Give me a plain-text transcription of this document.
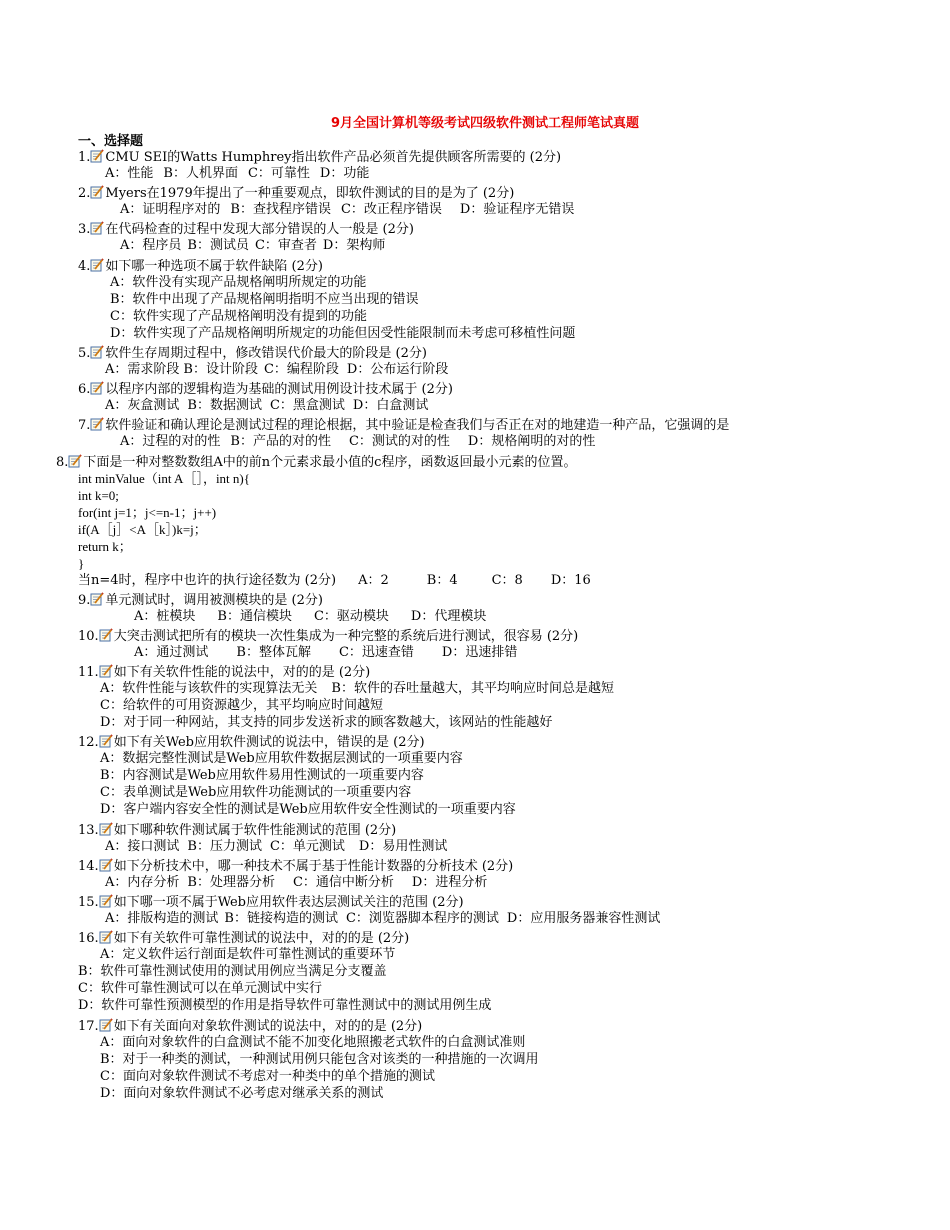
9月全国计算机等级考试四级软件测试工程师笔试真题
一、选择题
1. CMU SEI的Watts Humphrey指出软件产品必须首先提供顾客所需要的 (2分)
A：性能 B：人机界面 C：可靠性 D：功能
2. Myers在1979年提出了一种重要观点，即软件测试的目的是为了 (2分)
A：证明程序对的 B：查找程序错误 C：改正程序错误 D：验证程序无错误
3. 在代码检查的过程中发现大部分错误的人一般是 (2分)
A：程序员 B：测试员 C：审查者 D：架构师
4. 如下哪一种选项不属于软件缺陷 (2分)
A：软件没有实现产品规格阐明所规定的功能
B：软件中出现了产品规格阐明指明不应当出现的错误
C：软件实现了产品规格阐明没有提到的功能
D：软件实现了产品规格阐明所规定的功能但因受性能限制而未考虑可移植性问题
5. 软件生存周期过程中，修改错误代价最大的阶段是 (2分)
A：需求阶段 B：设计阶段 C：编程阶段 D：公布运行阶段
6. 以程序内部的逻辑构造为基础的测试用例设计技术属于 (2分)
A：灰盒测试 B：数据测试 C：黑盒测试 D：白盒测试
7. 软件验证和确认理论是测试过程的理论根据，其中验证是检查我们与否正在对的地建造一种产品，它强调的是
A：过程的对的性 B：产品的对的性 C：测试的对的性 D：规格阐明的对的性
8. 下面是一种对整数数组A中的前n个元素求最小值的c程序，函数返回最小元素的位置。
int minValue（int A［］，int n){
int k=0;
for(int j=1；j<=n-1；j++)
if(A［j］<A［k］)k=j；
return k；
}
当n=4时，程序中也许的执行途径数为 (2分) A：2	B：4	C：8 D：16
9. 单元测试时，调用被测模块的是 (2分)
A：桩模块 B：通信模块 C：驱动模块 D：代理模块
10. 大突击测试把所有的模块一次性集成为一种完整的系统后进行测试，很容易 (2分)
A：通过测试 B：整体瓦解 C：迅速查错 D：迅速排错
11. 如下有关软件性能的说法中，对的的是 (2分)
A：软件性能与该软件的实现算法无关 B：软件的吞吐量越大，其平均响应时间总是越短
C：给软件的可用资源越少，其平均响应时间越短
D：对于同一种网站，其支持的同步发送祈求的顾客数越大，该网站的性能越好
12. 如下有关Web应用软件测试的说法中，错误的是 (2分)
A：数据完整性测试是Web应用软件数据层测试的一项重要内容
B：内容测试是Web应用软件易用性测试的一项重要内容
C：表单测试是Web应用软件功能测试的一项重要内容
D：客户端内容安全性的测试是Web应用软件安全性测试的一项重要内容
13. 如下哪种软件测试属于软件性能测试的范围 (2分)
A：接口测试 B：压力测试 C：单元测试 D：易用性测试
14. 如下分析技术中，哪一种技术不属于基于性能计数器的分析技术 (2分)
A：内存分析 B：处理器分析 C：通信中断分析 D：进程分析
15. 如下哪一项不属于Web应用软件表达层测试关注的范围 (2分)
A：排版构造的测试 B：链接构造的测试 C：浏览器脚本程序的测试 D：应用服务器兼容性测试
16. 如下有关软件可靠性测试的说法中，对的的是 (2分)
A：定义软件运行剖面是软件可靠性测试的重要环节
B：软件可靠性测试使用的测试用例应当满足分支覆盖
C：软件可靠性测试可以在单元测试中实行
D：软件可靠性预测模型的作用是指导软件可靠性测试中的测试用例生成
17. 如下有关面向对象软件测试的说法中，对的的是 (2分)
A：面向对象软件的白盒测试不能不加变化地照搬老式软件的白盒测试准则
B：对于一种类的测试，一种测试用例只能包含对该类的一种措施的一次调用
C：面向对象软件测试不考虑对一种类中的单个措施的测试
D：面向对象软件测试不必考虑对继承关系的测试
